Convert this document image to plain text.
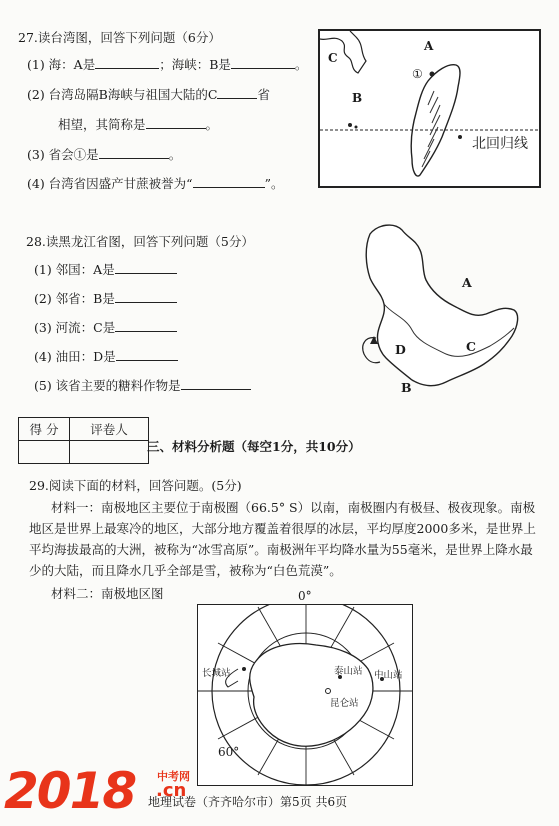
27.读台湾图，回答下列问题（6分）
(1) 海：A是	；海峡：B是	。
(2) 台湾岛隔B海峡与祖国大陆的C	省
相望，其简称是	。
(3) 省会①是	。
(4) 台湾省因盛产甘蔗被誉为“	”。
A
C
B
①
北回归线
28.读黑龙江省图，回答下列问题（5分）
(1) 邻国：A是
(2) 邻省：B是
(3) 河流：C是
(4) 油田：D是
(5) 该省主要的糖料作物是
A
C
B
D
得 分	评卷人

三、材料分析题（每空1分，共10分）
29.阅读下面的材料，回答问题。(5分)
材料一：南极地区主要位于南极圈（66.5° S）以南，南极圈内有极昼、极夜现象。南极地区是世界上最寒冷的地区，大部分地方覆盖着很厚的冰层，平均厚度2000多米，是世界上平均海拔最高的大洲，被称为“冰雪高原”。南极洲年平均降水量为55毫米，是世界上降水最少的大陆，而且降水几乎全部是雪，被称为“白色荒漠”。
材料二：南极地区图
长城站	泰山站 中山站
昆仑站
60°
0°
地理试卷（齐齐哈尔市）第5页 共6页
2018 中考网
.cn
